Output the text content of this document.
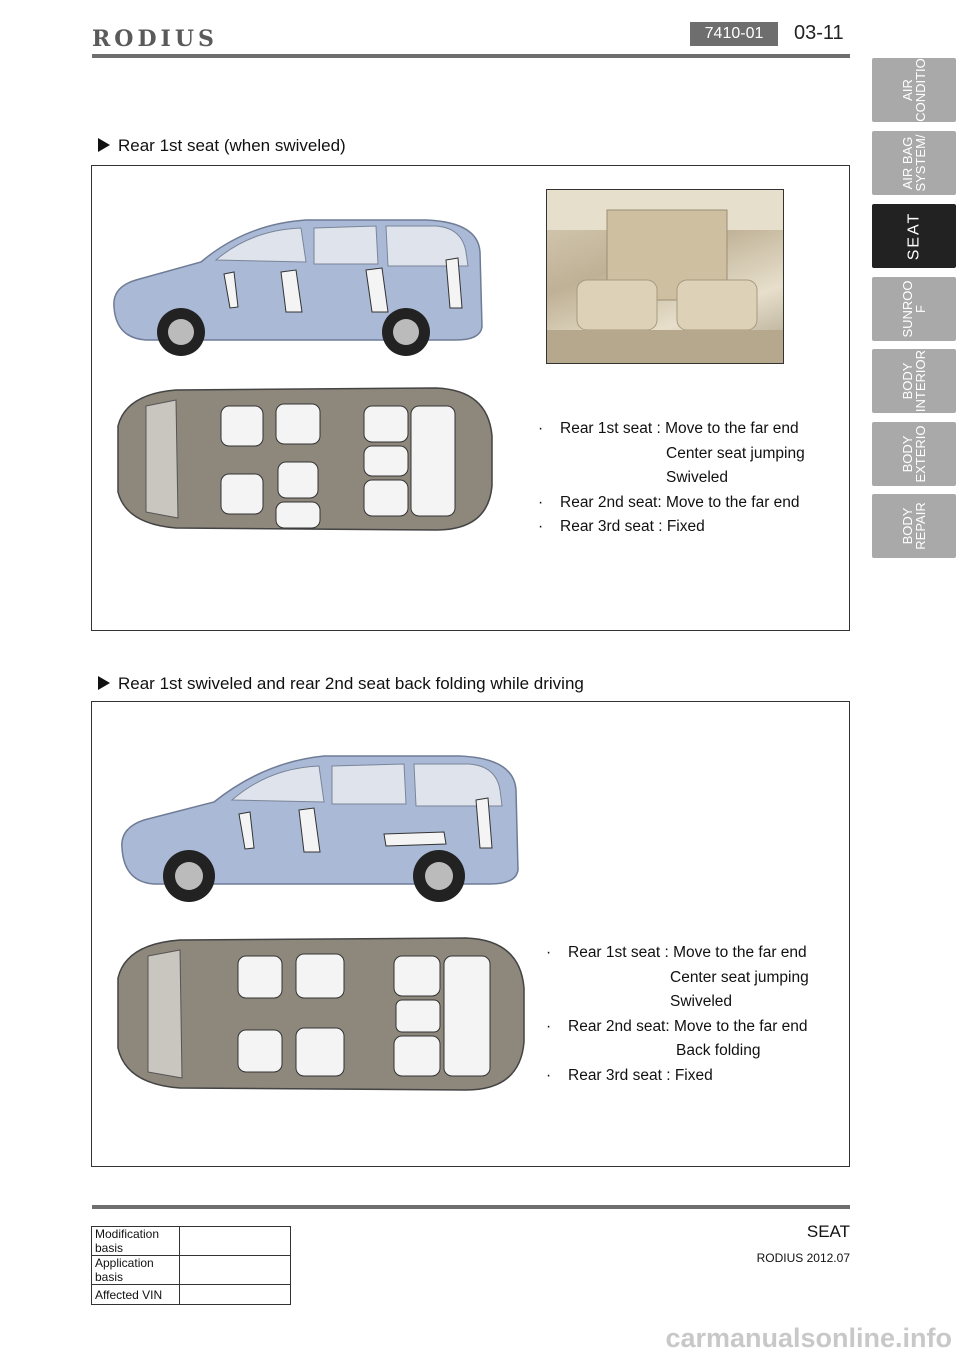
RODIUS	7410-01	03-11
AIR
CONDITIO
AIR BAG
SYSTEM/
SEAT
SUNROO
F
BODY
INTERIOR
BODY
EXTERIO
BODY
REPAIR
Rear 1st seat (when swiveled)
· Rear 1st seat : Move to the far end
Center seat jumping
Swiveled
· Rear 2nd seat: Move to the far end
· Rear 3rd seat : Fixed
Rear 1st swiveled and rear 2nd seat back folding while driving
· Rear 1st seat : Move to the far end
Center seat jumping
Swiveled
· Rear 2nd seat: Move to the far end
Back folding
· Rear 3rd seat : Fixed
Modification basis	
Application basis	
Affected VIN	
SEAT
RODIUS 2012.07
carmanualsonline.info
